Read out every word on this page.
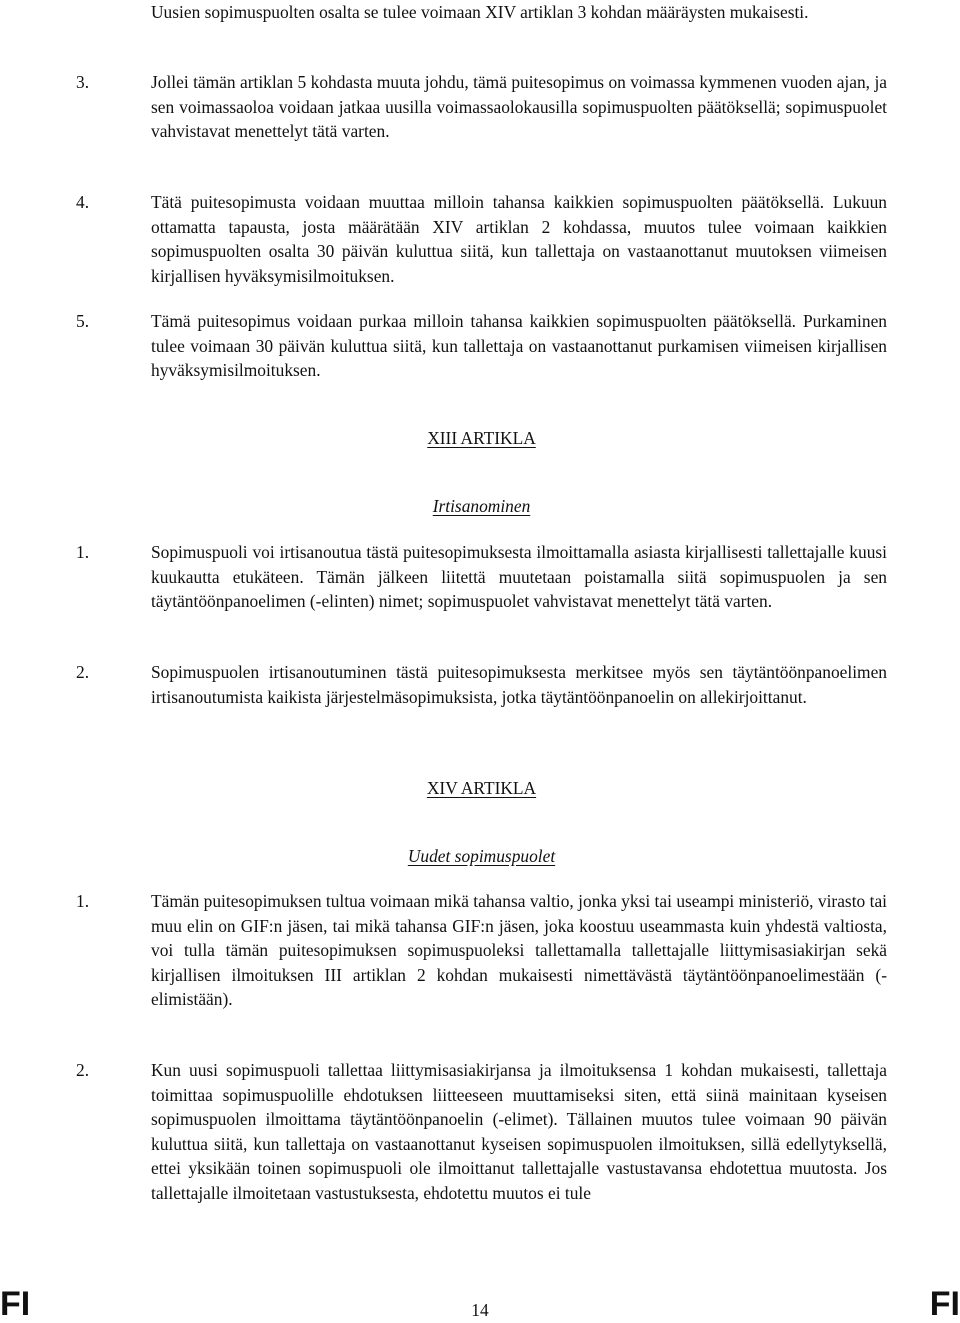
Uusien sopimuspuolten osalta se tulee voimaan XIV artiklan 3 kohdan määräysten mukaisesti.
3.	Jollei tämän artiklan 5 kohdasta muuta johdu, tämä puitesopimus on voimassa kymmenen vuoden ajan, ja sen voimassaoloa voidaan jatkaa uusilla voimassaolokausilla sopimuspuolten päätöksellä; sopimuspuolet vahvistavat menettelyt tätä varten.
4.	Tätä puitesopimusta voidaan muuttaa milloin tahansa kaikkien sopimuspuolten päätöksellä. Lukuun ottamatta tapausta, josta määrätään XIV artiklan 2 kohdassa, muutos tulee voimaan kaikkien sopimuspuolten osalta 30 päivän kuluttua siitä, kun tallettaja on vastaanottanut muutoksen viimeisen kirjallisen hyväksymisilmoituksen.
5.	Tämä puitesopimus voidaan purkaa milloin tahansa kaikkien sopimuspuolten päätöksellä. Purkaminen tulee voimaan 30 päivän kuluttua siitä, kun tallettaja on vastaanottanut purkamisen viimeisen kirjallisen hyväksymisilmoituksen.
XIII ARTIKLA
Irtisanominen
1.	Sopimuspuoli voi irtisanoutua tästä puitesopimuksesta ilmoittamalla asiasta kirjallisesti tallettajalle kuusi kuukautta etukäteen. Tämän jälkeen liitettä muutetaan poistamalla siitä sopimuspuolen ja sen täytäntöönpanoelimen (-elinten) nimet; sopimuspuolet vahvistavat menettelyt tätä varten.
2.	Sopimuspuolen irtisanoutuminen tästä puitesopimuksesta merkitsee myös sen täytäntöönpanoelimen irtisanoutumista kaikista järjestelmäsopimuksista, jotka täytäntöönpanoelin on allekirjoittanut.
XIV ARTIKLA
Uudet sopimuspuolet
1.	Tämän puitesopimuksen tultua voimaan mikä tahansa valtio, jonka yksi tai useampi ministeriö, virasto tai muu elin on GIF:n jäsen, tai mikä tahansa GIF:n jäsen, joka koostuu useammasta kuin yhdestä valtiosta, voi tulla tämän puitesopimuksen sopimuspuoleksi tallettamalla tallettajalle liittymisasiakirjan sekä kirjallisen ilmoituksen III artiklan 2 kohdan mukaisesti nimettävästä täytäntöönpanoelimestään (-elimistään).
2.	Kun uusi sopimuspuoli tallettaa liittymisasiakirjansa ja ilmoituksensa 1 kohdan mukaisesti, tallettaja toimittaa sopimuspuolille ehdotuksen liitteeseen muuttamiseksi siten, että siinä mainitaan kyseisen sopimuspuolen ilmoittama täytäntöönpanoelin (-elimet). Tällainen muutos tulee voimaan 90 päivän kuluttua siitä, kun tallettaja on vastaanottanut kyseisen sopimuspuolen ilmoituksen, sillä edellytyksellä, ettei yksikään toinen sopimuspuoli ole ilmoittanut tallettajalle vastustavansa ehdotettua muutosta. Jos tallettajalle ilmoitetaan vastustuksesta, ehdotettu muutos ei tule
FI	14	FI
